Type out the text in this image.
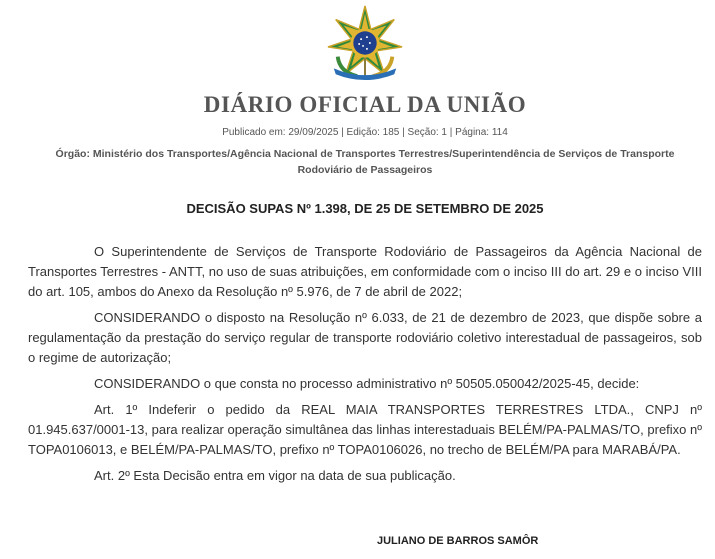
DIÁRIO OFICIAL DA UNIÃO
Publicado em: 29/09/2025 | Edição: 185 | Seção: 1 | Página: 114
Órgão: Ministério dos Transportes/Agência Nacional de Transportes Terrestres/Superintendência de Serviços de Transporte Rodoviário de Passageiros
DECISÃO SUPAS Nº 1.398, DE 25 DE SETEMBRO DE 2025

O Superintendente de Serviços de Transporte Rodoviário de Passageiros da Agência Nacional de Transportes Terrestres - ANTT, no uso de suas atribuições, em conformidade com o inciso III do art. 29 e o inciso VIII do art. 105, ambos do Anexo da Resolução nº 5.976, de 7 de abril de 2022;

CONSIDERANDO o disposto na Resolução nº 6.033, de 21 de dezembro de 2023, que dispõe sobre a regulamentação da prestação do serviço regular de transporte rodoviário coletivo interestadual de passageiros, sob o regime de autorização;

CONSIDERANDO o que consta no processo administrativo nº 50505.050042/2025-45, decide:

Art. 1º Indeferir o pedido da REAL MAIA TRANSPORTES TERRESTRES LTDA., CNPJ nº 01.945.637/0001-13, para realizar operação simultânea das linhas interestaduais BELÉM/PA-PALMAS/TO, prefixo nº TOPA0106013, e BELÉM/PA-PALMAS/TO, prefixo nº TOPA0106026, no trecho de BELÉM/PA para MARABÁ/PA.

Art. 2º Esta Decisão entra em vigor na data de sua publicação.

JULIANO DE BARROS SAMÔR
